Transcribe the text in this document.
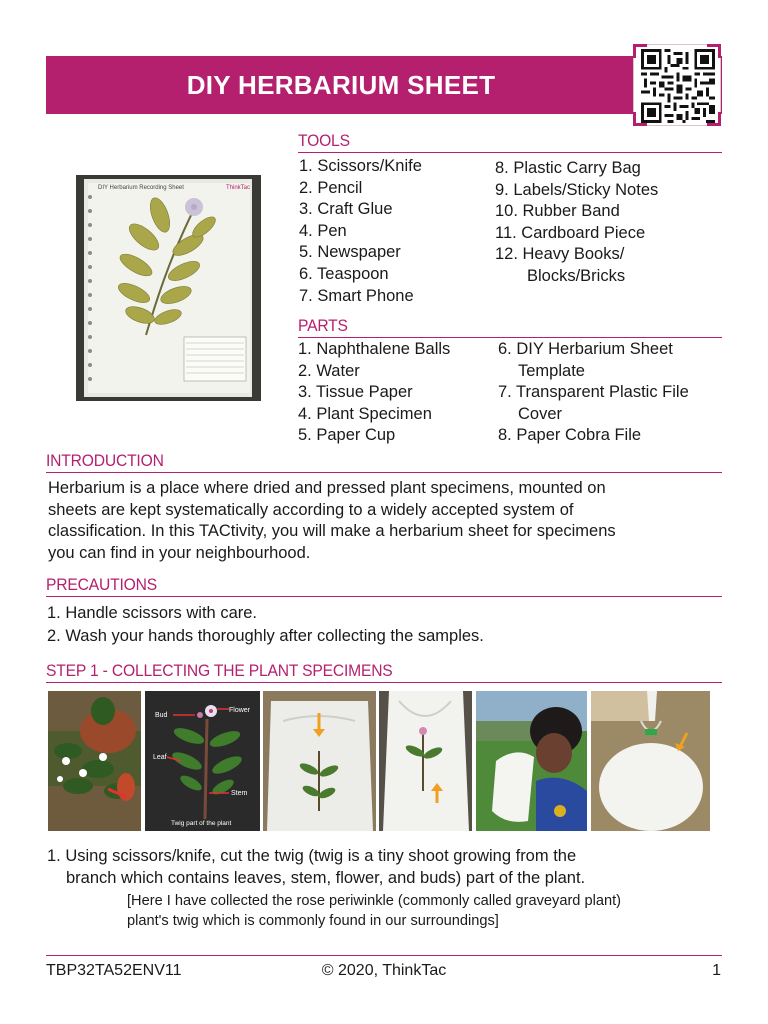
DIY HERBARIUM SHEET
TOOLS
1. Scissors/Knife
2. Pencil
3. Craft Glue
4. Pen
5. Newspaper
6. Teaspoon
7. Smart Phone
8. Plastic Carry Bag
9. Labels/Sticky Notes
10. Rubber Band
11. Cardboard Piece
12. Heavy Books/
Blocks/Bricks
DIY Herbarium Recording Sheet	ThinkTac
PARTS
1. Naphthalene Balls
2. Water
3. Tissue Paper
4. Plant Specimen
5. Paper Cup
6. DIY Herbarium Sheet
Template
7. Transparent Plastic File
Cover
8. Paper Cobra File
INTRODUCTION
Herbarium is a place where dried and pressed plant specimens, mounted on
sheets are kept systematically according to a widely accepted system of
classification. In this TACtivity, you will make a herbarium sheet for specimens
you can find in your neighbourhood.
PRECAUTIONS
1. Handle scissors with care.
2. Wash your hands thoroughly after collecting the samples.
STEP 1 - COLLECTING THE PLANT SPECIMENS
Bud
Flower
Leaf
Stem
Twig part of the plant
1. Using scissors/knife, cut the twig (twig is a tiny shoot growing from the
branch which contains leaves, stem, flower, and buds) part of the plant.
[Here I have collected the rose periwinkle (commonly called graveyard plant)
plant's twig which is commonly found in our surroundings]
TBP32TA52ENV11	© 2020, ThinkTac	1
